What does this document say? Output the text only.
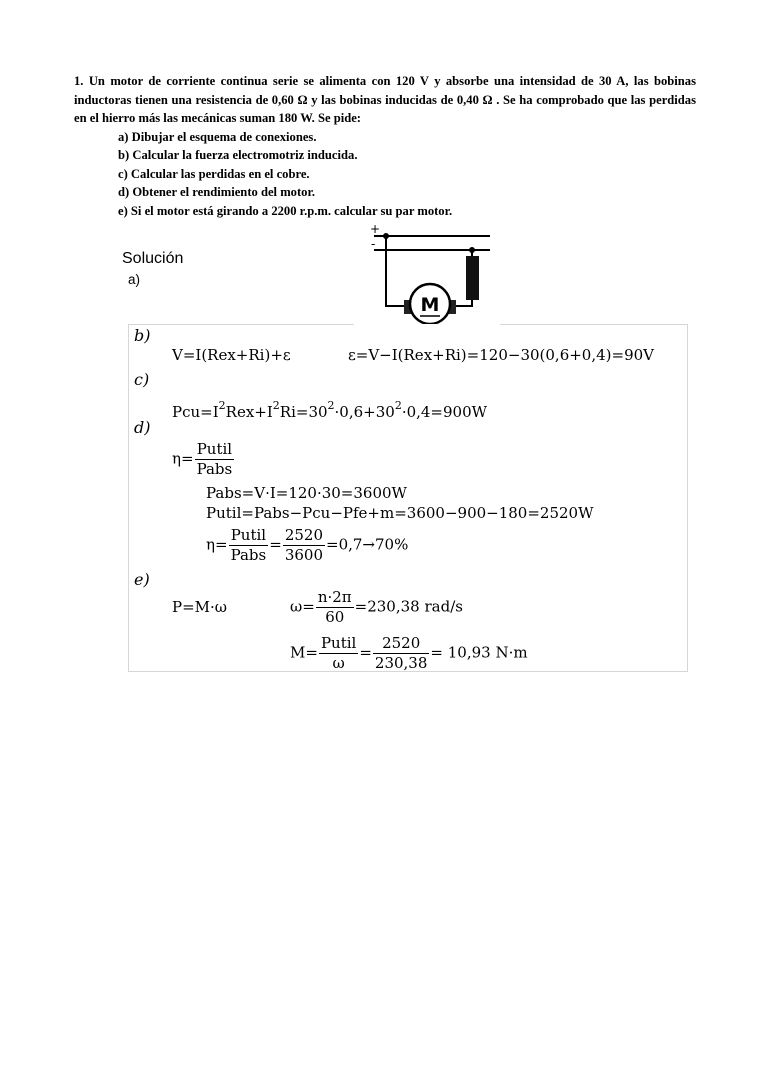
1. Un motor de corriente continua serie se alimenta con 120 V y absorbe una intensidad de 30 A, las bobinas inductoras tienen una resistencia de 0,60 Ω y las bobinas inducidas de 0,40 Ω . Se ha comprobado que las perdidas en el hierro más las mecánicas suman 180 W. Se pide:

a) Dibujar el esquema de conexiones.
b) Calcular la fuerza electromotriz inducida.
c) Calcular las perdidas en el cobre.
d) Obtener el rendimiento del motor.
e) Si el motor está girando a 2200 r.p.m. calcular su par motor.
Solución
a)
+
-
M
b)
V=I(Rex+Ri)+ε	ε=V−I(Rex+Ri)=120−30(0,6+0,4)=90V
c)
$Pcu=I^2Rex+I^2Ri=30^2\cdot 0,6+30^2\cdot 0,4=900W$
d)
$\eta= \frac{\text{Putil}}{\text{Pabs}}$
Pabs=V·I=120·30=3600W
Putil=Pabs−Pcu−Pfe+m=3600−900−180=2520W
$\eta= \frac{\text{Putil}}{\text{Pabs}} = \frac{2520}{3600} =0,7\to 70\%$
e)
P=M·ω	$\omega= \frac{n\cdot 2\pi}{60} =230,38$ rad/s
$M= \frac{\text{Putil}}{\omega} = \frac{2520}{230,38} = 10,93$ N·m
